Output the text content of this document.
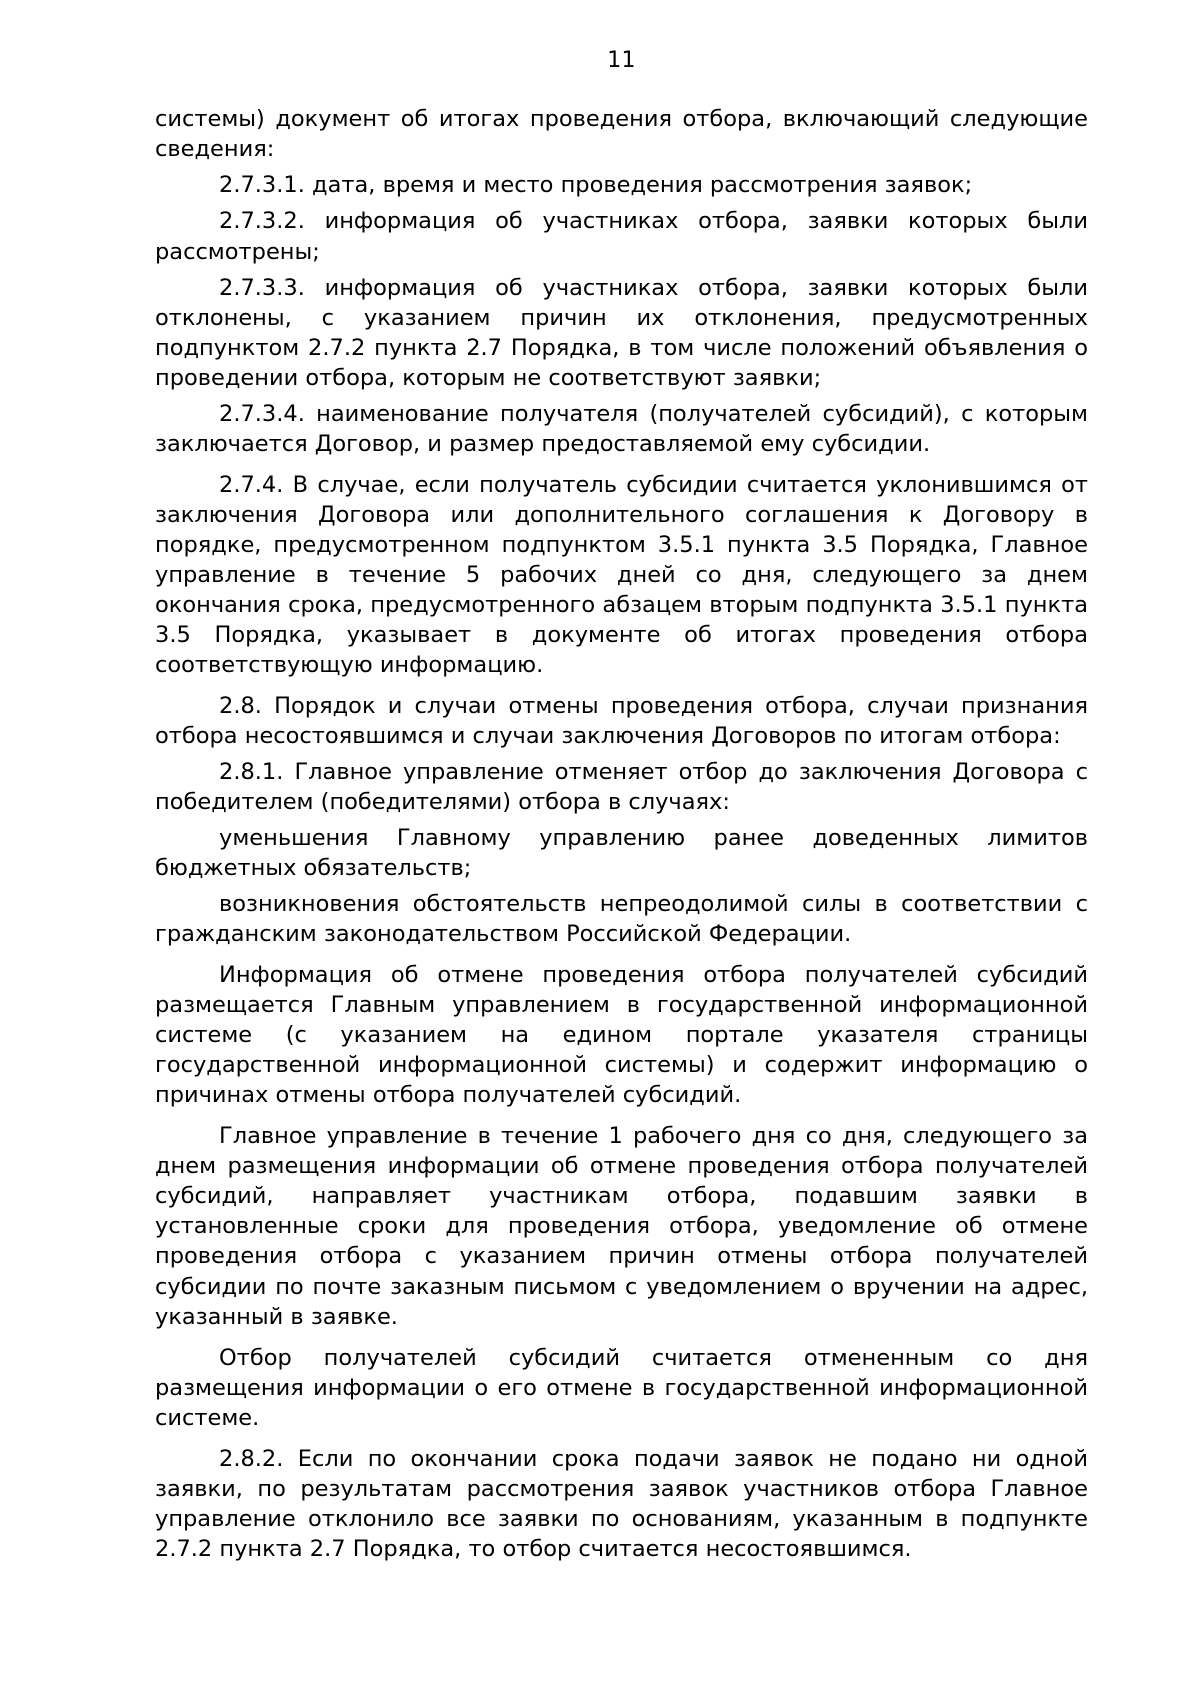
11

системы) документ об итогах проведения отбора, включающий следующие сведения:

2.7.3.1. дата, время и место проведения рассмотрения заявок;

2.7.3.2. информация об участниках отбора, заявки которых были рассмотрены;

2.7.3.3. информация об участниках отбора, заявки которых были отклонены, с указанием причин их отклонения, предусмотренных подпунктом 2.7.2 пункта 2.7 Порядка, в том числе положений объявления о проведении отбора, которым не соответствуют заявки;

2.7.3.4. наименование получателя (получателей субсидий), с которым заключается Договор, и размер предоставляемой ему субсидии.

2.7.4. В случае, если получатель субсидии считается уклонившимся от заключения Договора или дополнительного соглашения к Договору в порядке, предусмотренном подпунктом 3.5.1 пункта 3.5 Порядка, Главное управление в течение 5 рабочих дней со дня, следующего за днем окончания срока, предусмотренного абзацем вторым подпункта 3.5.1 пункта 3.5 Порядка, указывает в документе об итогах проведения отбора соответствующую информацию.

2.8. Порядок и случаи отмены проведения отбора, случаи признания отбора несостоявшимся и случаи заключения Договоров по итогам отбора:

2.8.1. Главное управление отменяет отбор до заключения Договора с победителем (победителями) отбора в случаях:

уменьшения Главному управлению ранее доведенных лимитов бюджетных обязательств;

возникновения обстоятельств непреодолимой силы в соответствии с гражданским законодательством Российской Федерации.

Информация об отмене проведения отбора получателей субсидий размещается Главным управлением в государственной информационной системе (с указанием на едином портале указателя страницы государственной информационной системы) и содержит информацию о причинах отмены отбора получателей субсидий.

Главное управление в течение 1 рабочего дня со дня, следующего за днем размещения информации об отмене проведения отбора получателей субсидий, направляет участникам отбора, подавшим заявки в установленные сроки для проведения отбора, уведомление об отмене проведения отбора с указанием причин отмены отбора получателей субсидии по почте заказным письмом с уведомлением о вручении на адрес, указанный в заявке.

Отбор получателей субсидий считается отмененным со дня размещения информации о его отмене в государственной информационной системе.

2.8.2. Если по окончании срока подачи заявок не подано ни одной заявки, по результатам рассмотрения заявок участников отбора Главное управление отклонило все заявки по основаниям, указанным в подпункте 2.7.2 пункта 2.7 Порядка, то отбор считается несостоявшимся.
